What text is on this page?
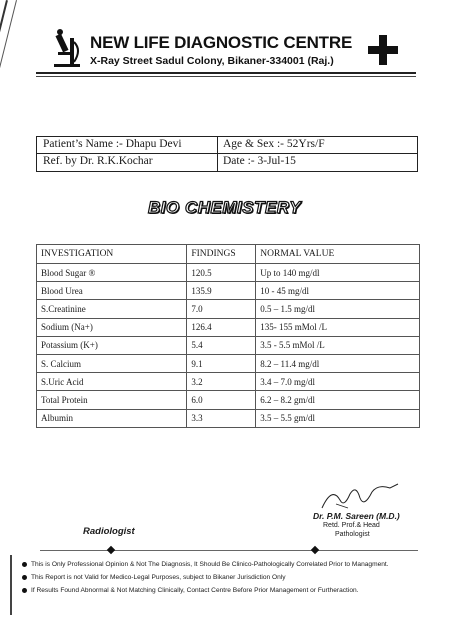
NEW LIFE DIAGNOSTIC CENTRE
X-Ray Street Sadul Colony, Bikaner-334001 (Raj.)
Patient’s Name :- Dhapu Devi	Age & Sex :- 52Yrs/F
Ref. by Dr. R.K.Kochar	Date :- 3-Jul-15
BIO CHEMISTERY
INVESTIGATION	FINDINGS	NORMAL VALUE
Blood Sugar ®	120.5	Up to 140 mg/dl
Blood Urea	135.9	10 - 45 mg/dl
S.Creatinine	7.0	0.5 – 1.5 mg/dl
Sodium (Na+)	126.4	135- 155 mMol /L
Potassium (K+)	5.4	3.5 - 5.5 mMol /L
S. Calcium	9.1	8.2 – 11.4 mg/dl
S.Uric Acid	3.2	3.4 – 7.0 mg/dl
Total Protein	6.0	6.2 – 8.2 gm/dl
Albumin	3.3	3.5 – 5.5 gm/dl
Radiologist
Dr. P.M. Sareen (M.D.)
Retd. Prof.& Head
Pathologist
This is Only Professional Opinion & Not The Diagnosis, It Should Be Clinico-Pathologically Correlated Prior to Managment.
This Report is not Valid for Medico-Legal Purposes, subject to Bikaner Jurisdiction Only
If Results Found Abnormal & Not Matching Clinically, Contact Centre Before Prior Management or Furtheraction.
